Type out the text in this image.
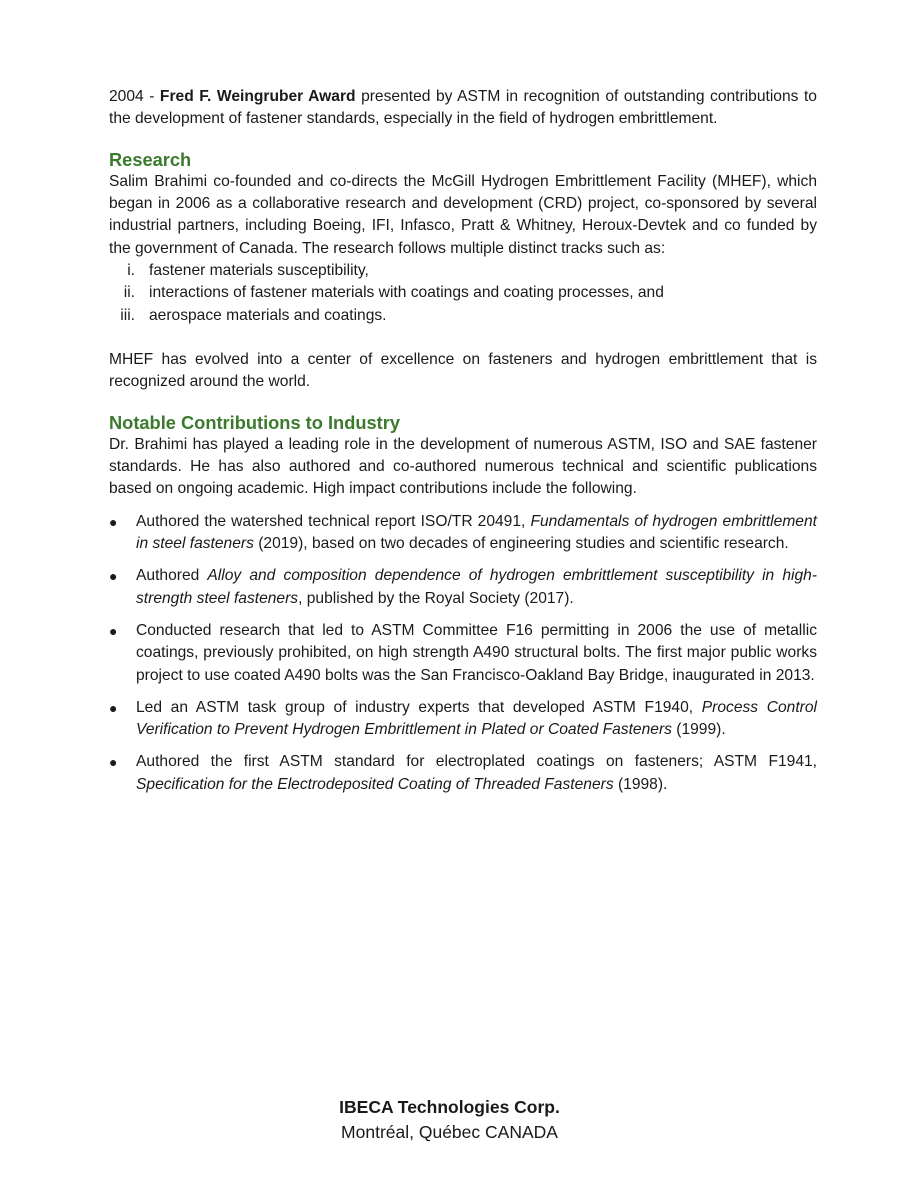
2004 - Fred F. Weingruber Award presented by ASTM in recognition of outstanding contributions to the development of fastener standards, especially in the field of hydrogen embrittlement.

Research

Salim Brahimi co-founded and co-directs the McGill Hydrogen Embrittlement Facility (MHEF), which began in 2006 as a collaborative research and development (CRD) project, co-sponsored by several industrial partners, including Boeing, IFI, Infasco, Pratt & Whitney, Heroux-Devtek and co funded by the government of Canada. The research follows multiple distinct tracks such as:

i. fastener materials susceptibility,
ii. interactions of fastener materials with coatings and coating processes, and
iii. aerospace materials and coatings.

MHEF has evolved into a center of excellence on fasteners and hydrogen embrittlement that is recognized around the world.

Notable Contributions to Industry

Dr. Brahimi has played a leading role in the development of numerous ASTM, ISO and SAE fastener standards. He has also authored and co-authored numerous technical and scientific publications based on ongoing academic. High impact contributions include the following.

●	Authored the watershed technical report ISO/TR 20491, Fundamentals of hydrogen embrittlement in steel fasteners (2019), based on two decades of engineering studies and scientific research.
●	Authored Alloy and composition dependence of hydrogen embrittlement susceptibility in high-strength steel fasteners, published by the Royal Society (2017).
●	Conducted research that led to ASTM Committee F16 permitting in 2006 the use of metallic coatings, previously prohibited, on high strength A490 structural bolts. The first major public works project to use coated A490 bolts was the San Francisco-Oakland Bay Bridge, inaugurated in 2013.
●	Led an ASTM task group of industry experts that developed ASTM F1940, Process Control Verification to Prevent Hydrogen Embrittlement in Plated or Coated Fasteners (1999).
●	Authored the first ASTM standard for electroplated coatings on fasteners; ASTM F1941, Specification for the Electrodeposited Coating of Threaded Fasteners (1998).
IBECA Technologies Corp.
Montréal, Québec CANADA
